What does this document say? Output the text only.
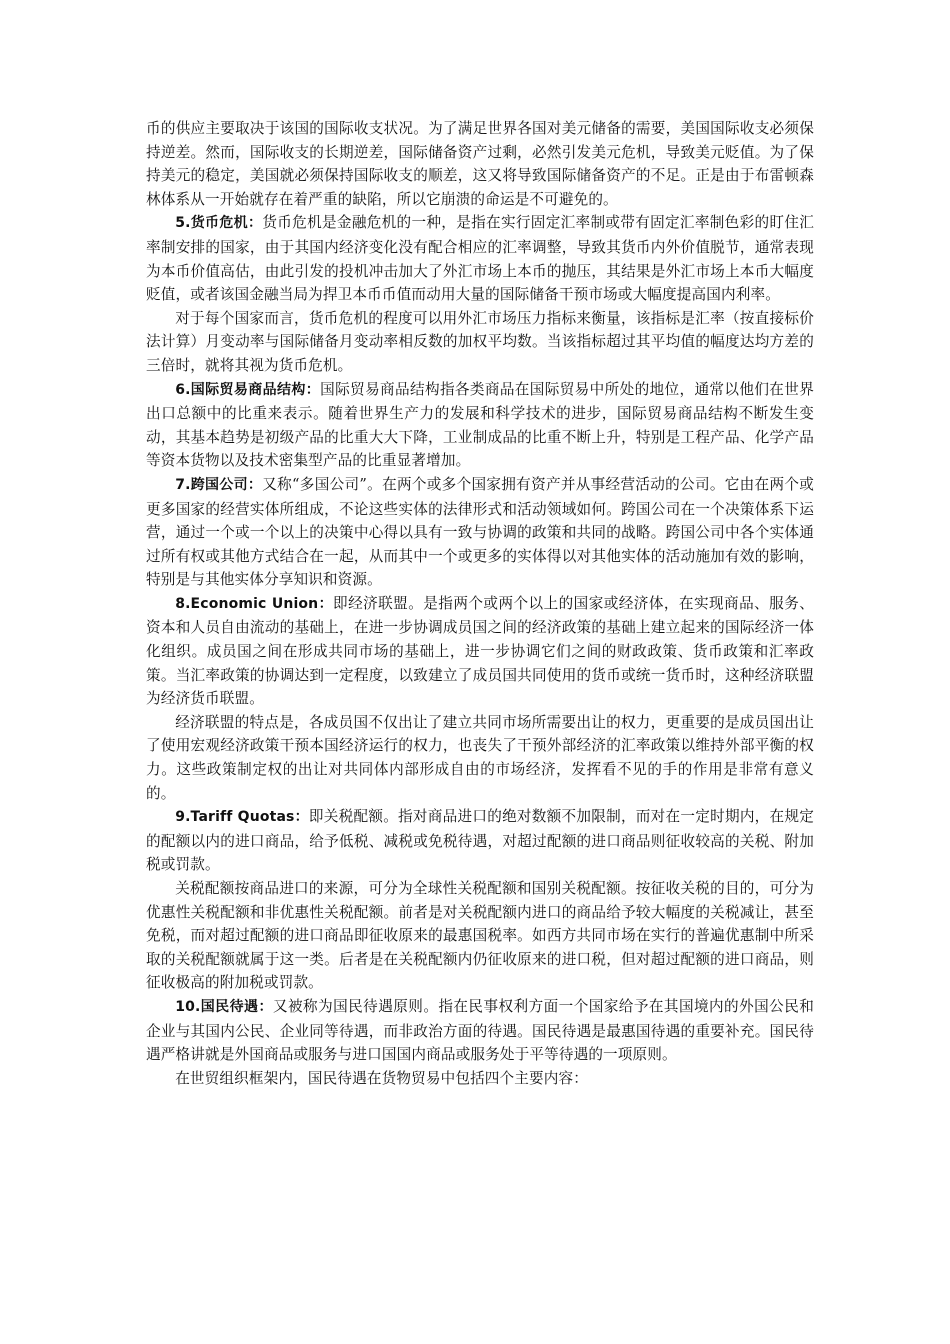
币的供应主要取决于该国的国际收支状况。为了满足世界各国对美元储备的需要，美国国际收支必须保持逆差。然而，国际收支的长期逆差，国际储备资产过剩，必然引发美元危机，导致美元贬值。为了保持美元的稳定，美国就必须保持国际收支的顺差，这又将导致国际储备资产的不足。正是由于布雷顿森林体系从一开始就存在着严重的缺陷，所以它崩溃的命运是不可避免的。

5.货币危机：货币危机是金融危机的一种，是指在实行固定汇率制或带有固定汇率制色彩的盯住汇率制安排的国家，由于其国内经济变化没有配合相应的汇率调整，导致其货币内外价值脱节，通常表现为本币价值高估，由此引发的投机冲击加大了外汇市场上本币的抛压，其结果是外汇市场上本币大幅度贬值，或者该国金融当局为捍卫本币币值而动用大量的国际储备干预市场或大幅度提高国内利率。

对于每个国家而言，货币危机的程度可以用外汇市场压力指标来衡量，该指标是汇率（按直接标价法计算）月变动率与国际储备月变动率相反数的加权平均数。当该指标超过其平均值的幅度达均方差的三倍时，就将其视为货币危机。

6.国际贸易商品结构：国际贸易商品结构指各类商品在国际贸易中所处的地位，通常以他们在世界出口总额中的比重来表示。随着世界生产力的发展和科学技术的进步，国际贸易商品结构不断发生变动，其基本趋势是初级产品的比重大大下降，工业制成品的比重不断上升，特别是工程产品、化学产品等资本货物以及技术密集型产品的比重显著增加。

7.跨国公司：又称“多国公司”。在两个或多个国家拥有资产并从事经营活动的公司。它由在两个或更多国家的经营实体所组成，不论这些实体的法律形式和活动领域如何。跨国公司在一个决策体系下运营，通过一个或一个以上的决策中心得以具有一致与协调的政策和共同的战略。跨国公司中各个实体通过所有权或其他方式结合在一起，从而其中一个或更多的实体得以对其他实体的活动施加有效的影响，特别是与其他实体分享知识和资源。

8.Economic Union：即经济联盟。是指两个或两个以上的国家或经济体，在实现商品、服务、资本和人员自由流动的基础上，在进一步协调成员国之间的经济政策的基础上建立起来的国际经济一体化组织。成员国之间在形成共同市场的基础上，进一步协调它们之间的财政政策、货币政策和汇率政策。当汇率政策的协调达到一定程度，以致建立了成员国共同使用的货币或统一货币时，这种经济联盟为经济货币联盟。

经济联盟的特点是，各成员国不仅出让了建立共同市场所需要出让的权力，更重要的是成员国出让了使用宏观经济政策干预本国经济运行的权力，也丧失了干预外部经济的汇率政策以维持外部平衡的权力。这些政策制定权的出让对共同体内部形成自由的市场经济，发挥看不见的手的作用是非常有意义的。

9.Tariff Quotas：即关税配额。指对商品进口的绝对数额不加限制，而对在一定时期内，在规定的配额以内的进口商品，给予低税、减税或免税待遇，对超过配额的进口商品则征收较高的关税、附加税或罚款。

关税配额按商品进口的来源，可分为全球性关税配额和国别关税配额。按征收关税的目的，可分为优惠性关税配额和非优惠性关税配额。前者是对关税配额内进口的商品给予较大幅度的关税减让，甚至免税，而对超过配额的进口商品即征收原来的最惠国税率。如西方共同市场在实行的普遍优惠制中所采取的关税配额就属于这一类。后者是在关税配额内仍征收原来的进口税，但对超过配额的进口商品，则征收极高的附加税或罚款。

10.国民待遇：又被称为国民待遇原则。指在民事权利方面一个国家给予在其国境内的外国公民和企业与其国内公民、企业同等待遇，而非政治方面的待遇。国民待遇是最惠国待遇的重要补充。国民待遇严格讲就是外国商品或服务与进口国国内商品或服务处于平等待遇的一项原则。

在世贸组织框架内，国民待遇在货物贸易中包括四个主要内容：
